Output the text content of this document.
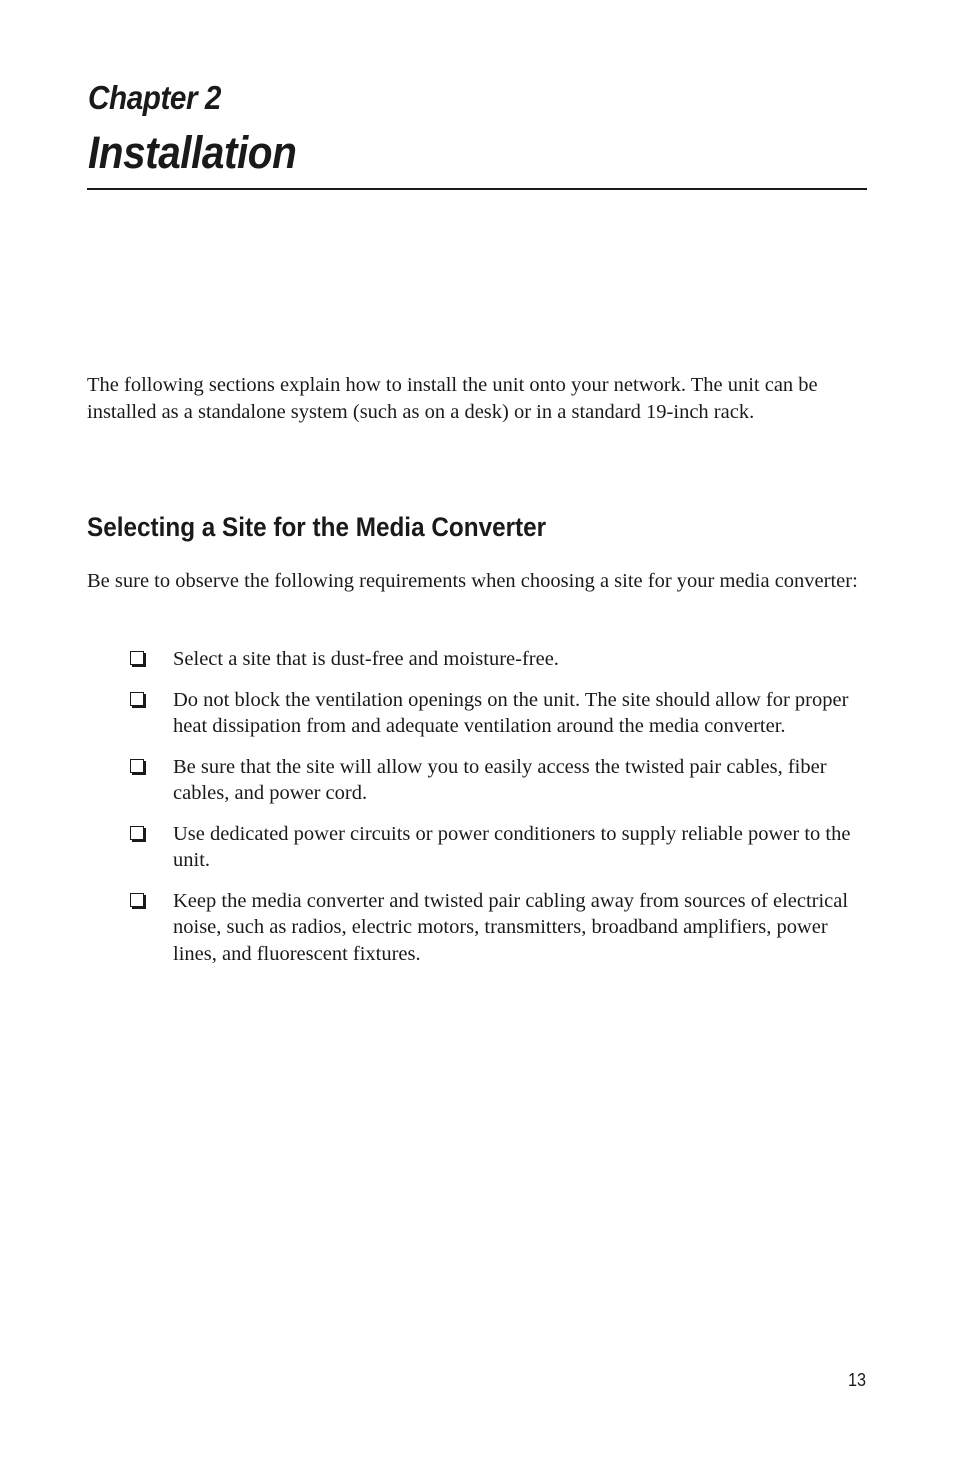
Chapter 2
Installation

The following sections explain how to install the unit onto your network. The unit can be installed as a standalone system (such as on a desk) or in a standard 19-inch rack.

Selecting a Site for the Media Converter

Be sure to observe the following requirements when choosing a site for your media converter:

Select a site that is dust-free and moisture-free.
Do not block the ventilation openings on the unit. The site should allow for proper heat dissipation from and adequate ventilation around the media converter.
Be sure that the site will allow you to easily access the twisted pair cables, fiber cables, and power cord.
Use dedicated power circuits or power conditioners to supply reliable power to the unit.
Keep the media converter and twisted pair cabling away from sources of electrical noise, such as radios, electric motors, transmitters, broadband amplifiers, power lines, and fluorescent fixtures.
13
